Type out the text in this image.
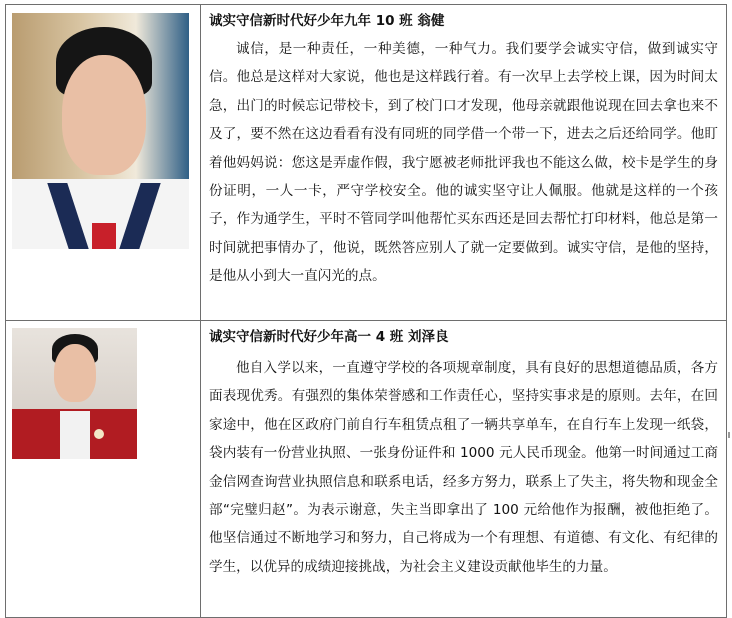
	诚实守信新时代好少年九年 10 班 翁健
诚信，是一种责任，一种美德，一种气力。我们要学会诚实守信，做到诚实守信。他总是这样对大家说，他也是这样践行着。有一次早上去学校上课，因为时间太急，出门的时候忘记带校卡，到了校门口才发现，他母亲就跟他说现在回去拿也来不及了，要不然在这边看看有没有同班的同学借一个带一下，进去之后还给同学。他盯着他妈妈说：您这是弄虚作假，我宁愿被老师批评我也不能这么做，校卡是学生的身份证明，一人一卡，严守学校安全。他的诚实坚守让人佩服。他就是这样的一个孩子，作为通学生，平时不管同学叫他帮忙买东西还是回去帮忙打印材料，他总是第一时间就把事情办了，他说，既然答应别人了就一定要做到。诚实守信，是他的坚持，是他从小到大一直闪光的点。

	诚实守信新时代好少年高一 4 班 刘泽良
他自入学以来，一直遵守学校的各项规章制度，具有良好的思想道德品质，各方面表现优秀。有强烈的集体荣誉感和工作责任心，坚持实事求是的原则。去年，在回家途中，他在区政府门前自行车租赁点租了一辆共享单车，在自行车上发现一纸袋，袋内装有一份营业执照、一张身份证件和 1000 元人民币现金。他第一时间通过工商金信网查询营业执照信息和联系电话，经多方努力，联系上了失主，将失物和现金全部“完璧归赵”。为表示谢意，失主当即拿出了 100 元给他作为报酬，被他拒绝了。他坚信通过不断地学习和努力，自己将成为一个有理想、有道德、有文化、有纪律的学生，以优异的成绩迎接挑战，为社会主义建设贡献他毕生的力量。
